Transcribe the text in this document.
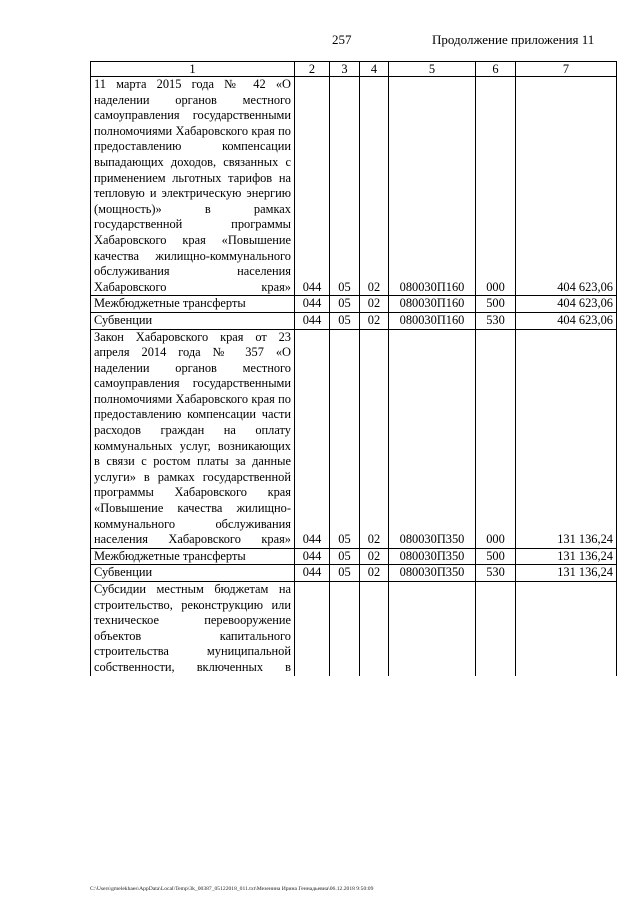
257	Продолжение приложения 11
1	2	3	4	5	6	7
11 марта 2015 года № 42 «О наделении органов местного самоуправления государственными полномочиями Хабаровского края по предоставлению компенсации выпадающих доходов, связанных с применением льготных тарифов на тепловую и электрическую энергию (мощность)» в рамках государственной программы Хабаровского края «Повышение качества жилищно-коммунального обслуживания населения Хабаровского края»	044	05	02	080030П160	000	404 623,06
Межбюджетные трансферты	044	05	02	080030П160	500	404 623,06
Субвенции	044	05	02	080030П160	530	404 623,06
Закон Хабаровского края от 23 апреля 2014 года № 357 «О наделении органов местного самоуправления государственными полномочиями Хабаровского края по предоставлению компенсации части расходов граждан на оплату коммунальных услуг, возникающих в связи с ростом платы за данные услуги» в рамках государственной программы Хабаровского края «Повышение качества жилищно-коммунального обслуживания населения Хабаровского края»	044	05	02	080030П350	000	131 136,24
Межбюджетные трансферты	044	05	02	080030П350	500	131 136,24
Субвенции	044	05	02	080030П350	530	131 136,24
Субсидии местным бюджетам на строительство, реконструкцию или техническое перевооружение объектов капитального строительства муниципальной собственности, включенных в						
C:\Users\gmelekhaes\AppData\Local\Temp\3k_00387_05122018_011.txt\Мезенина Ирина Геннадьевна\06.12.2018 9:50:09
